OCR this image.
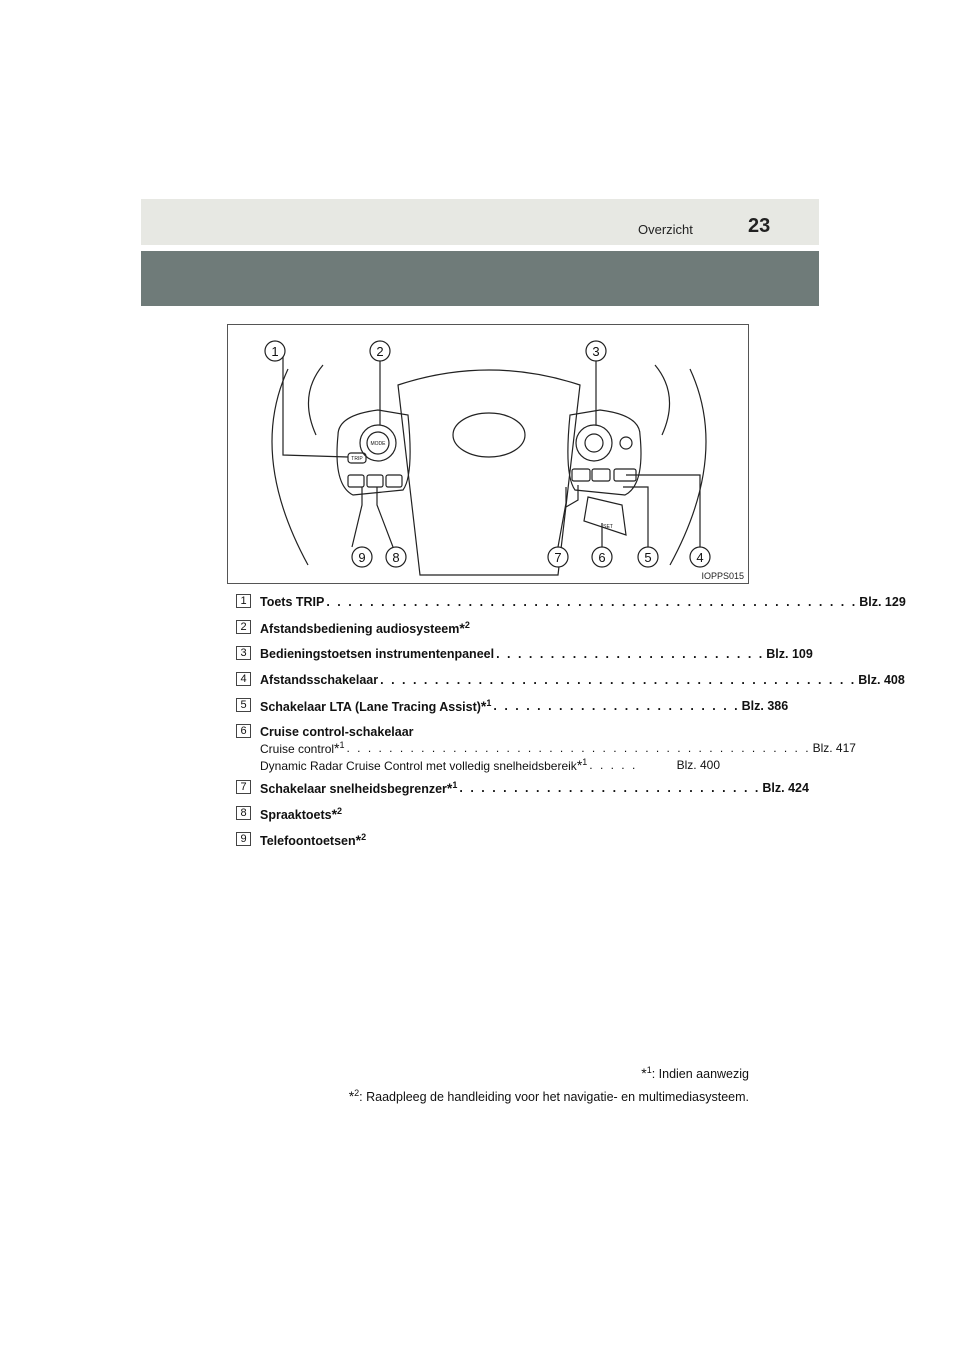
Overzicht	23
1	2	3
9 8	7	6	5	4
MODE
TRIP
SET
IOPPS015
1	Toets TRIP . . . . . . . . . . . . . . . . . . . . . . . . . . . . . . . . . . . . . . . . . . . . . . . . . Blz. 129
2	Afstandsbediening audiosysteem*$^2$
3	Bedieningstoetsen instrumentenpaneel . . . . . . . . . . . . . . . . . . . . . . . . . Blz. 109
4	Afstandsschakelaar . . . . . . . . . . . . . . . . . . . . . . . . . . . . . . . . . . . . . . . . . . . . Blz. 408
5	Schakelaar LTA (Lane Tracing Assist)*$^1$ . . . . . . . . . . . . . . . . . . . . . . . Blz. 386
6	Cruise control-schakelaar
Cruise control*$^1$ . . . . . . . . . . . . . . . . . . . . . . . . . . . . . . . . . . . . . . . . . . . . Blz. 417
Dynamic Radar Cruise Control met volledig snelheidsbereik*$^1$ . . . . .	Blz. 400
7	Schakelaar snelheidsbegrenzer*$^1$ . . . . . . . . . . . . . . . . . . . . . . . . . . . . Blz. 424
8	Spraaktoets*$^2$
9	Telefoontoetsen*$^2$
*$^1$: Indien aanwezig
*$^2$: Raadpleeg de handleiding voor het navigatie- en multimediasysteem.
